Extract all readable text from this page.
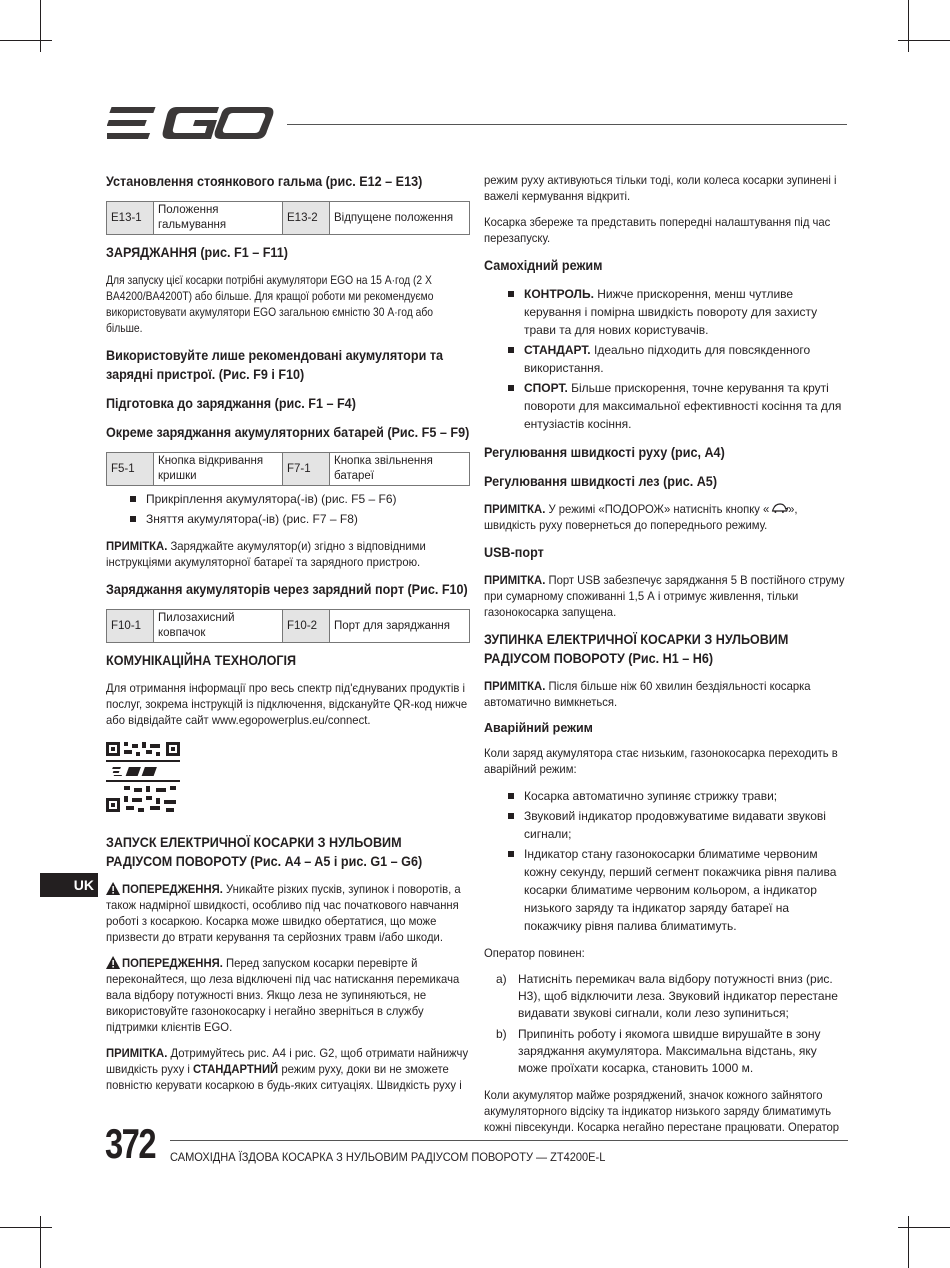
Установлення стоянкового гальма (рис. E12 – E13)
E13-1	Положення гальмування	E13-2	Відпущене положення
ЗАРЯДЖАННЯ (рис. F1 – F11)

Для запуску цієї косарки потрібні акумулятори EGO на 15 А·год (2 X BA4200/BA4200T) або більше. Для кращої роботи ми рекомендуємо використовувати акумулятори EGO загальною ємністю 30 А·год або більше.

Використовуйте лише рекомендовані акумулятори та зарядні пристрої. (Рис. F9 і F10)
Підготовка до заряджання (рис. F1 – F4)
Окреме заряджання акумуляторних батарей (Рис. F5 – F9)
F5-1	Кнопка відкривання кришки	F7-1	Кнопка звільнення батареї
Прикріплення акумулятора(-ів) (рис. F5 – F6)
Зняття акумулятора(-ів) (рис. F7 – F8)

ПРИМІТКА. Заряджайте акумулятор(и) згідно з відповідними інструкціями акумуляторної батареї та зарядного пристрою.

Заряджання акумуляторів через зарядний порт (Рис. F10)
F10-1	Пилозахисний ковпачок	F10-2	Порт для заряджання
КОМУНІКАЦІЙНА ТЕХНОЛОГІЯ

Для отримання інформації про весь спектр під'єднуваних продуктів і послуг, зокрема інструкцій із підключення, відскануйте QR-код нижче або відвідайте сайт www.egopowerplus.eu/connect.

ЗАПУСК ЕЛЕКТРИЧНОЇ КОСАРКИ З НУЛЬОВИМ РАДІУСОМ ПОВОРОТУ (Рис. A4 – A5 і рис. G1 – G6)

ПОПЕРЕДЖЕННЯ. Уникайте різких пусків, зупинок і поворотів, а також надмірної швидкості, особливо під час початкового навчання роботі з косаркою. Косарка може швидко обертатися, що може призвести до втрати керування та серйозних травм і/або шкоди.

ПОПЕРЕДЖЕННЯ. Перед запуском косарки перевірте й переконайтеся, що леза відключені під час натискання перемикача вала відбору потужності вниз. Якщо леза не зупиняються, не використовуйте газонокосарку і негайно зверніться в службу підтримки клієнтів EGO.

ПРИМІТКА. Дотримуйтесь рис. A4 і рис. G2, щоб отримати найнижчу швидкість руху і СТАНДАРТНИЙ режим руху, доки ви не зможете повністю керувати косаркою в будь-яких ситуаціях. Швидкість руху і

режим руху активуються тільки тоді, коли колеса косарки зупинені і важелі кермування відкриті.

Косарка збереже та представить попередні налаштування під час перезапуску.

Самохідний режим
КОНТРОЛЬ. Нижче прискорення, менш чутливе керування і помірна швидкість повороту для захисту трави та для нових користувачів.
СТАНДАРТ. Ідеально підходить для повсякденного використання.
СПОРТ. Більше прискорення, точне керування та круті повороти для максимальної ефективності косіння та для ентузіастів косіння.
Регулювання швидкості руху (рис, A4)
Регулювання швидкості лез (рис. A5)

ПРИМІТКА. У режимі «ПОДОРОЖ» натисніть кнопку « », швидкість руху повернеться до попереднього режиму.

USB-порт

ПРИМІТКА. Порт USB забезпечує заряджання 5 В постійного струму при сумарному споживанні 1,5 А і отримує живлення, тільки газонокосарка запущена.

ЗУПИНКА ЕЛЕКТРИЧНОЇ КОСАРКИ З НУЛЬОВИМ РАДІУСОМ ПОВОРОТУ (Рис. H1 – H6)

ПРИМІТКА. Після більше ніж 60 хвилин бездіяльності косарка автоматично вимкнеться.

Аварійний режим

Коли заряд акумулятора стає низьким, газонокосарка переходить в аварійний режим:

Косарка автоматично зупиняє стрижку трави;
Звуковий індикатор продовжуватиме видавати звукові сигнали;
Індикатор стану газонокосарки блиматиме червоним кожну секунду, перший сегмент покажчика рівня палива косарки блиматиме червоним кольором, а індикатор низького заряду та індикатор заряду батареї на покажчику рівня палива блиматимуть.

Оператор повинен:

a) Натисніть перемикач вала відбору потужності вниз (рис. H3), щоб відключити леза. Звуковий індикатор перестане видавати звукові сигнали, коли лезо зупиниться;
b) Припиніть роботу і якомога швидше вирушайте в зону заряджання акумулятора. Максимальна відстань, яку може проїхати косарка, становить 1000 м.

Коли акумулятор майже розряджений, значок кожного зайнятого акумуляторного відсіку та індикатор низького заряду блиматимуть кожні півсекунди. Косарка негайно перестане працювати. Оператор

UK
372 САМОХІДНА ЇЗДОВА КОСАРКА З НУЛЬОВИМ РАДІУСОМ ПОВОРОТУ — ZT4200E-L
